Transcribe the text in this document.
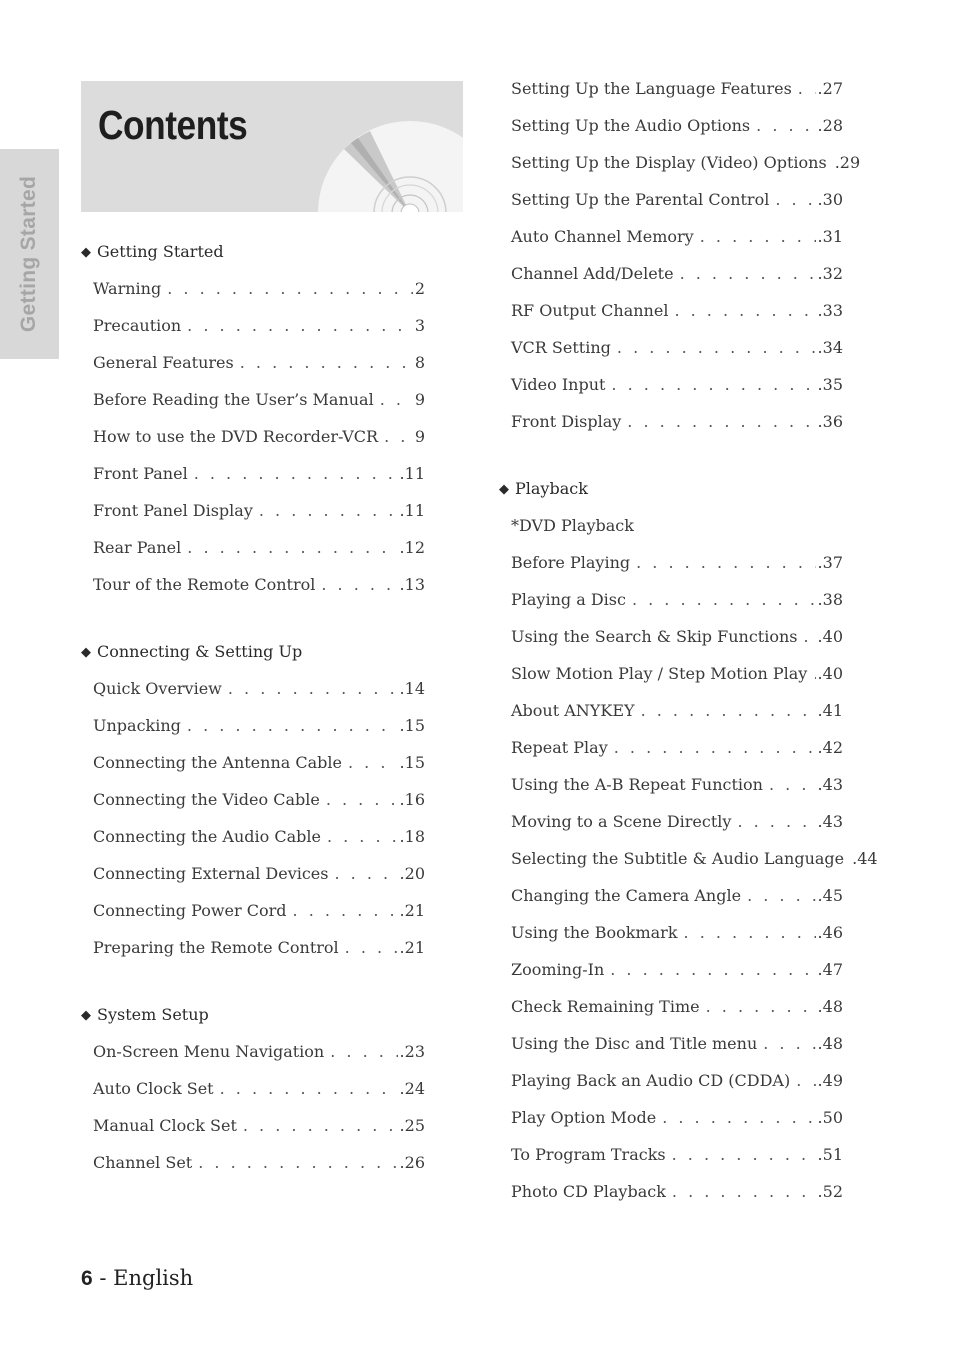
Getting Started
Contents
◆ Getting Started
Warning . . .	2
Precaution . . .	3
General Features . . .	8
Before Reading the User’s Manual . . .	9
How to use the DVD Recorder-VCR . . . 9
Front Panel . . .	.11
Front Panel Display . . .	.11
Rear Panel . . .	.12
Tour of the Remote Control . . .	.13
◆ Connecting & Setting Up
Quick Overview . . .	.14
Unpacking . . .	.15
Connecting the Antenna Cable . . .	.15
Connecting the Video Cable . . .	.16
Connecting the Audio Cable . . .	.18
Connecting External Devices . . .	.20
Connecting Power Cord . . .	.21
Preparing the Remote Control . . .	.21
◆ System Setup
On-Screen Menu Navigation . . .	.23
Auto Clock Set . . .	.24
Manual Clock Set . . .	.25
Channel Set . . .	.26
Setting Up the Language Features . . . .27
Setting Up the Audio Options . . .	.28
Setting Up the Display (Video) Options .29
Setting Up the Parental Control . . .	.30
Auto Channel Memory . . .	.31
Channel Add/Delete . . .	.32
RF Output Channel . . .	.33
VCR Setting . . .	.34
Video Input . . .	.35
Front Display . . .	.36
◆ Playback
*DVD Playback
Before Playing . . .	.37
Playing a Disc . . .	.38
Using the Search & Skip Functions . . . .40
Slow Motion Play / Step Motion Play . . . .40
About ANYKEY . . .	.41
Repeat Play . . .	.42
Using the A-B Repeat Function . . .	.43
Moving to a Scene Directly . . .	.43
Selecting the Subtitle & Audio Language .44
Changing the Camera Angle . . .	.45
Using the Bookmark . . .	.46
Zooming-In . . .	.47
Check Remaining Time . . .	.48
Using the Disc and Title menu . . .	.48
Playing Back an Audio CD (CDDA) . . . .49
Play Option Mode . . .	.50
To Program Tracks . . .	.51
Photo CD Playback . . .	.52
6 - English
